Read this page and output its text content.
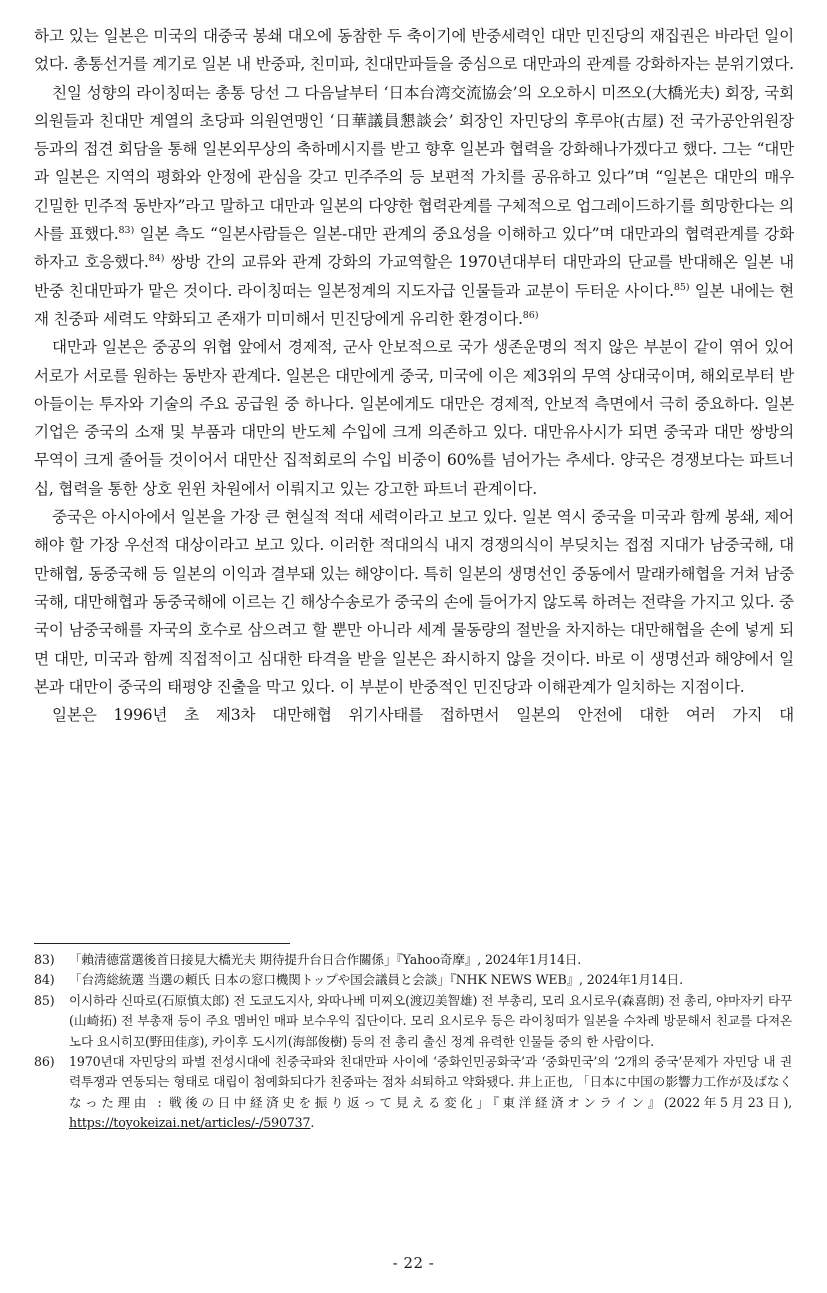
하고 있는 일본은 미국의 대중국 봉쇄 대오에 동참한 두 축이기에 반중세력인 대만 민진당의 재집권은 바라던 일이었다. 총통선거를 계기로 일본 내 반중파, 친미파, 친대만파들을 중심으로 대만과의 관계를 강화하자는 분위기였다.

친일 성향의 라이칭떠는 총통 당선 그 다음날부터 ‘日本台湾交流協会’의 오오하시 미쯔오(大橋光夫) 회장, 국회의원들과 친대만 계열의 초당파 의원연맹인 ‘日華議員懇談会’ 회장인 자민당의 후루야(古屋) 전 국가공안위원장 등과의 접견 회담을 통해 일본외무상의 축하메시지를 받고 향후 일본과 협력을 강화해나가겠다고 했다. 그는 “대만과 일본은 지역의 평화와 안정에 관심을 갖고 민주주의 등 보편적 가치를 공유하고 있다”며 “일본은 대만의 매우 긴밀한 민주적 동반자”라고 말하고 대만과 일본의 다양한 협력관계를 구체적으로 업그레이드하기를 희망한다는 의사를 표했다.$^{83)}$ 일본 측도 “일본사람들은 일본-대만 관계의 중요성을 이해하고 있다”며 대만과의 협력관계를 강화하자고 호응했다.$^{84)}$ 쌍방 간의 교류와 관계 강화의 가교역할은 1970년대부터 대만과의 단교를 반대해온 일본 내 반중 친대만파가 맡은 것이다. 라이칭떠는 일본정계의 지도자급 인물들과 교분이 두터운 사이다.$^{85)}$ 일본 내에는 현재 친중파 세력도 약화되고 존재가 미미해서 민진당에게 유리한 환경이다.$^{86)}$

대만과 일본은 중공의 위협 앞에서 경제적, 군사 안보적으로 국가 생존운명의 적지 않은 부분이 같이 엮어 있어 서로가 서로를 원하는 동반자 관계다. 일본은 대만에게 중국, 미국에 이은 제3위의 무역 상대국이며, 해외로부터 받아들이는 투자와 기술의 주요 공급원 중 하나다. 일본에게도 대만은 경제적, 안보적 측면에서 극히 중요하다. 일본 기업은 중국의 소재 및 부품과 대만의 반도체 수입에 크게 의존하고 있다. 대만유사시가 되면 중국과 대만 쌍방의 무역이 크게 줄어들 것이어서 대만산 집적회로의 수입 비중이 60%를 넘어가는 추세다. 양국은 경쟁보다는 파트너십, 협력을 통한 상호 윈윈 차원에서 이뤄지고 있는 강고한 파트너 관계이다.

중국은 아시아에서 일본을 가장 큰 현실적 적대 세력이라고 보고 있다. 일본 역시 중국을 미국과 함께 봉쇄, 제어해야 할 가장 우선적 대상이라고 보고 있다. 이러한 적대의식 내지 경쟁의식이 부딪치는 접점 지대가 남중국해, 대만해협, 동중국해 등 일본의 이익과 결부돼 있는 해양이다. 특히 일본의 생명선인 중동에서 말래카해협을 거쳐 남중국해, 대만해협과 동중국해에 이르는 긴 해상수송로가 중국의 손에 들어가지 않도록 하려는 전략을 가지고 있다. 중국이 남중국해를 자국의 호수로 삼으려고 할 뿐만 아니라 세계 물동량의 절반을 차지하는 대만해협을 손에 넣게 되면 대만, 미국과 함께 직접적이고 심대한 타격을 받을 일본은 좌시하지 않을 것이다. 바로 이 생명선과 해양에서 일본과 대만이 중국의 태평양 진출을 막고 있다. 이 부분이 반중적인 민진당과 이해관계가 일치하는 지점이다.

일본은 1996년 초 제3차 대만해협 위기사태를 접하면서 일본의 안전에 대한 여러 가지 대

83)	「賴清德當選後首日接見大橋光夫 期待提升台日合作關係」『Yahoo奇摩』, 2024年1月14日.
84)	「台湾総統選 当選の頼氏 日本の窓口機関トップや国会議員と会談」『NHK NEWS WEB』, 2024年1月14日.
85)	이시하라 신따로(石原慎太郎) 전 도쿄도지사, 와따나베 미찌오(渡辺美智雄) 전 부총리, 모리 요시로우(森喜朗) 전 총리, 야마자키 타꾸(山崎拓) 전 부총재 등이 주요 멤버인 매파 보수우익 집단이다. 모리 요시로우 등은 라이칭떠가 일본을 수차례 방문해서 친교를 다져온 노다 요시히꼬(野田佳彦), 카이후 도시끼(海部俊樹) 등의 전 총리 출신 정계 유력한 인물들 중의 한 사람이다.
86)	1970년대 자민당의 파벌 전성시대에 친중국파와 친대만파 사이에 ‘중화인민공화국’과 ‘중화민국’의 ‘2개의 중국’문제가 자민당 내 권력투쟁과 연동되는 형태로 대립이 첨예화되다가 친중파는 점차 쇠퇴하고 약화됐다. 井上正也, 「日本に中国の影響力工作が及ばなくなった理由 : 戦後の日中経済史を振り返って見える変化」『東洋経済オンライン』(2022年5月23日), https://toyokeizai.net/articles/-/590737.
- 22 -
